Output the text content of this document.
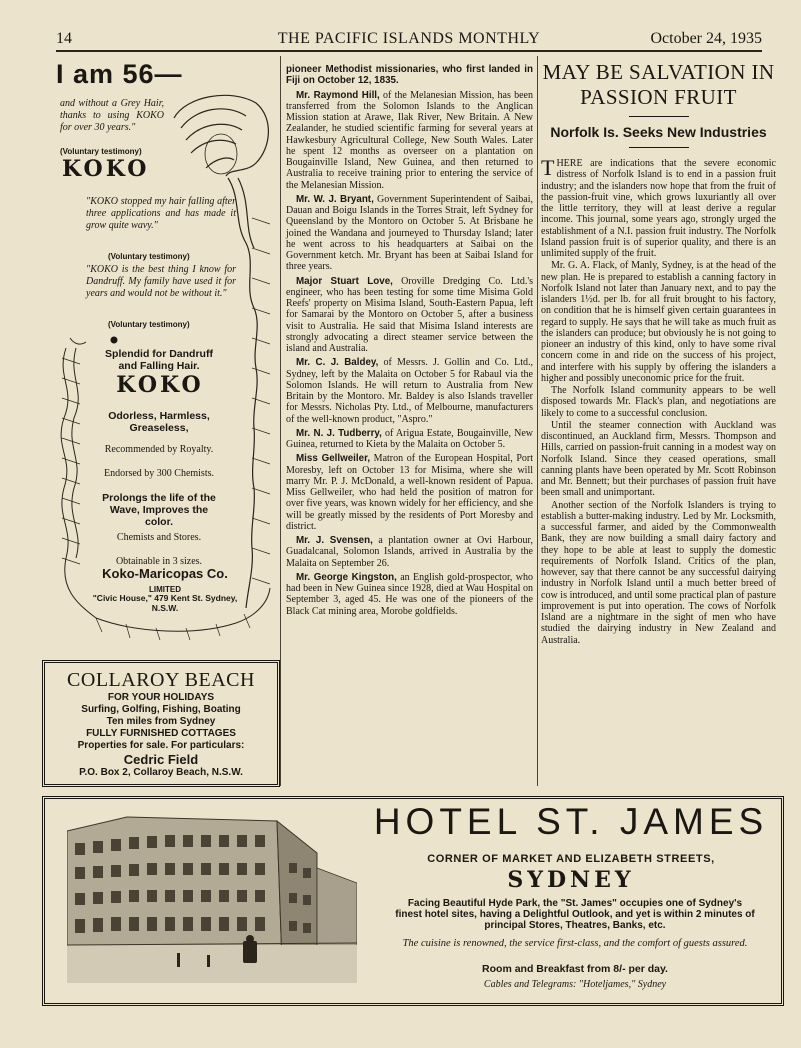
14	THE PACIFIC ISLANDS MONTHLY	October 24, 1935
I am 56—
and without a Grey Hair, thanks to using KOKO for over 30 years."
(Voluntary testimony)
KOKO
"KOKO stopped my hair falling after three applications and has made it grow quite wavy."
(Voluntary testimony)
"KOKO is the best thing I know for Dandruff. My family have used it for years and would not be without it."
(Voluntary testimony)
Splendid for Dandruff and Falling Hair.
KOKO
Odorless, Harmless, Greaseless,
Recommended by Royalty.
Endorsed by 300 Chemists.
Prolongs the life of the Wave, Improves the color.
Chemists and Stores.
Obtainable in 3 sizes.
Koko-Maricopas Co.
LIMITED
"Civic House," 479 Kent St. Sydney, N.S.W.
COLLAROY BEACH
FOR YOUR HOLIDAYS
Surfing, Golfing, Fishing, Boating
Ten miles from Sydney
FULLY FURNISHED COTTAGES
Properties for sale. For particulars:
Cedric Field
P.O. Box 2, Collaroy Beach, N.S.W.

pioneer Methodist missionaries, who first landed in Fiji on October 12, 1835.

Mr. Raymond Hill, of the Melanesian Mission, has been transferred from the Solomon Islands to the Anglican Mission station at Arawe, Ilak River, New Britain. A New Zealander, he studied scientific farming for several years at Hawkesbury Agricultural College, New South Wales. Later he spent 12 months as overseer on a plantation on Bougainville Island, New Guinea, and then returned to Australia to receive training prior to entering the service of the Melanesian Mission.

Mr. W. J. Bryant, Government Superintendent of Saibai, Dauan and Boigu Islands in the Torres Strait, left Sydney for Queensland by the Montoro on October 5. At Brisbane he joined the Wandana and journeyed to Thursday Island; later he went across to his headquarters at Saibai on the Government ketch. Mr. Bryant has been at Saibai Island for three years.

Major Stuart Love, Oroville Dredging Co. Ltd.'s engineer, who has been testing for some time Misima Gold Reefs' property on Misima Island, South-Eastern Papua, left for Samarai by the Montoro on October 5, after a business visit to Australia. He said that Misima Island interests are strongly advocating a direct steamer service between the island and Australia.

Mr. C. J. Baldey, of Messrs. J. Gollin and Co. Ltd., Sydney, left by the Malaita on October 5 for Rabaul via the Solomon Islands. He will return to Australia from New Britain by the Montoro. Mr. Baldey is also Islands traveller for Messrs. Nicholas Pty. Ltd., of Melbourne, manufacturers of the well-known product, "Aspro."

Mr. N. J. Tudberry, of Arigua Estate, Bougainville, New Guinea, returned to Kieta by the Malaita on October 5.

Miss Gellweiler, Matron of the European Hospital, Port Moresby, left on October 13 for Misima, where she will marry Mr. P. J. McDonald, a well-known resident of Papua. Miss Gellweiler, who had held the position of matron for over five years, was known widely for her efficiency, and she will be greatly missed by the residents of Port Moresby and district.

Mr. J. Svensen, a plantation owner at Ovi Harbour, Guadalcanal, Solomon Islands, arrived in Australia by the Malaita on September 26.

Mr. George Kingston, an English gold-prospector, who had been in New Guinea since 1928, died at Wau Hospital on September 3, aged 45. He was one of the pioneers of the Black Cat mining area, Morobe goldfields.

MAY BE SALVATION IN PASSION FRUIT
Norfolk Is. Seeks New Industries

THERE are indications that the severe economic distress of Norfolk Island is to end in a passion fruit industry; and the islanders now hope that from the fruit of the passion-fruit vine, which grows luxuriantly all over the little territory, they will at least derive a regular income. This journal, some years ago, strongly urged the establishment of a N.I. passion fruit industry. The Norfolk Island passion fruit is of superior quality, and there is an unlimited supply of the fruit.

Mr. G. A. Flack, of Manly, Sydney, is at the head of the new plan. He is prepared to establish a canning factory in Norfolk Island not later than January next, and to pay the islanders 1½d. per lb. for all fruit brought to his factory, on condition that he is himself given certain guarantees in regard to supply. He says that he will take as much fruit as the islanders can produce; but obviously he is not going to pioneer an industry of this kind, only to have some rival concern come in and ride on the success of his project, and interfere with his supply by offering the islanders a higher and possibly uneconomic price for the fruit.

The Norfolk Island community appears to be well disposed towards Mr. Flack's plan, and negotiations are likely to come to a successful conclusion.

Until the steamer connection with Auckland was discontinued, an Auckland firm, Messrs. Thompson and Hills, carried on passion-fruit canning in a modest way on Norfolk Island. Since they ceased operations, small canning plants have been operated by Mr. Scott Robinson and Mr. Bennett; but their purchases of passion fruit have been small and unimportant.

Another section of the Norfolk Islanders is trying to establish a butter-making industry. Led by Mr. Locksmith, a successful farmer, and aided by the Commonwealth Bank, they are now building a small dairy factory and they hope to be able at least to supply the domestic requirements of Norfolk Island. Critics of the plan, however, say that there cannot be any successful dairying industry in Norfolk Island until a much better breed of cow is introduced, and until some practical plan of pasture improvement is put into operation. The cows of Norfolk Island are a nightmare in the sight of men who have studied the dairying industry in New Zealand and Australia.

HOTEL ST. JAMES
CORNER OF MARKET AND ELIZABETH STREETS,
SYDNEY
Facing Beautiful Hyde Park, the "St. James" occupies one of Sydney's finest hotel sites, having a Delightful Outlook, and yet is within 2 minutes of principal Stores, Theatres, Banks, etc.
The cuisine is renowned, the service first-class, and the comfort of guests assured.
Room and Breakfast from 8/- per day.
Cables and Telegrams: "Hoteljames," Sydney
